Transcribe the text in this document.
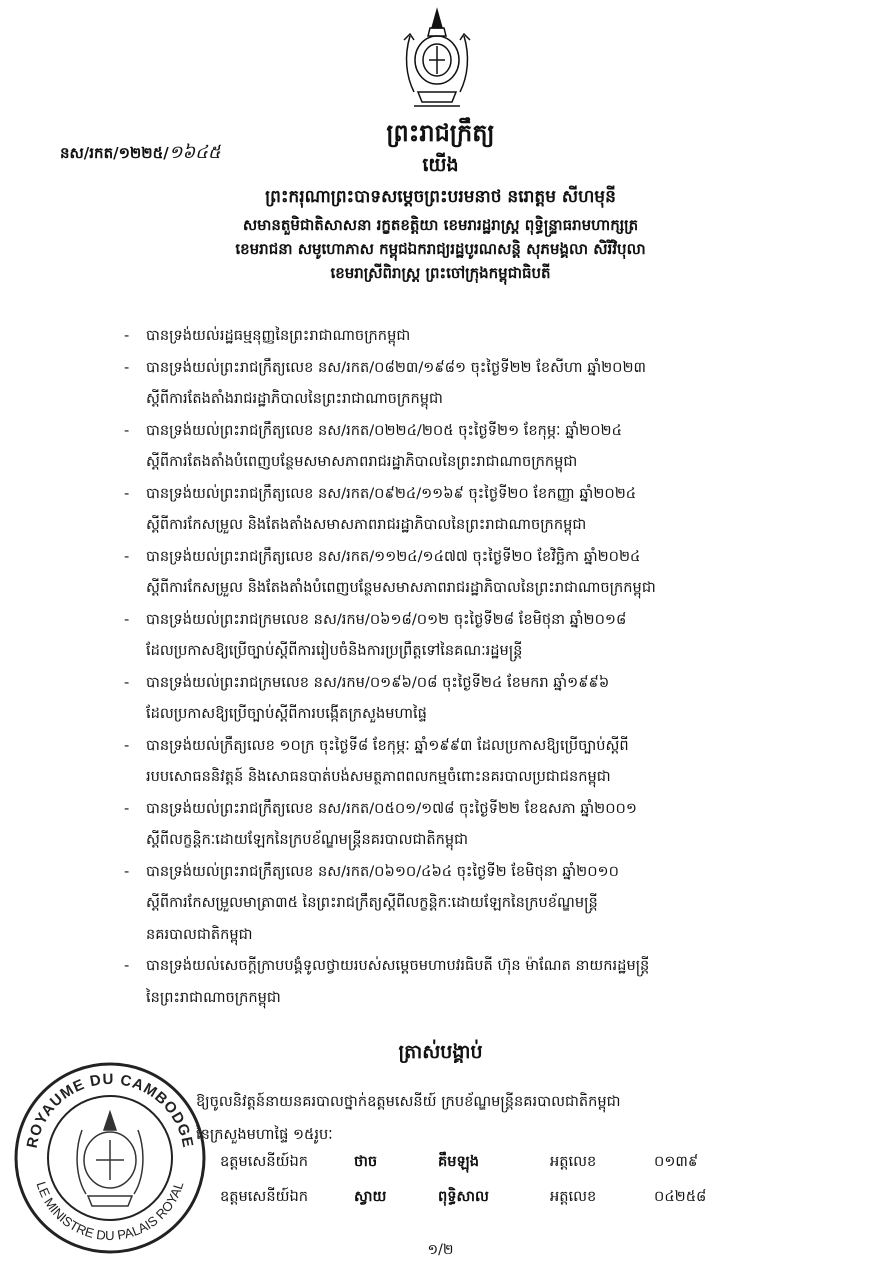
នស/រកត/១២២៥/១៦៤៥
ព្រះរាជក្រឹត្យ
យើង
ព្រះករុណាព្រះបាទសម្តេចព្រះបរមនាថ នរោត្តម សីហមុនី
សមានតួមិជាតិសាសនា រក្ខតខត្តិយា ខេមរារដ្ឋរាស្ត្រ ពុទ្ធិន្ទ្រាធរាមហាក្សត្រ
ខេមរាជនា សមូហោភាស កម្ពុជឯករាជ្យរដ្ឋបូរណសន្តិ សុភមង្គលា សិរីវិបុលា
ខេមរាស្រីពិរាស្ត្រ ព្រះចៅក្រុងកម្ពុជាធិបតី
- បានទ្រង់យល់រដ្ឋធម្មនុញ្ញនៃព្រះរាជាណាចក្រកម្ពុជា
- បានទ្រង់យល់ព្រះរាជក្រឹត្យលេខ នស/រកត/០៨២៣/១៩៨១ ចុះថ្ងៃទី២២ ខែសីហា ឆ្នាំ២០២៣
ស្តីពីការតែងតាំងរាជរដ្ឋាភិបាលនៃព្រះរាជាណាចក្រកម្ពុជា
- បានទ្រង់យល់ព្រះរាជក្រឹត្យលេខ នស/រកត/០២២៤/២០៥ ចុះថ្ងៃទី២១ ខែកុម្ភៈ ឆ្នាំ២០២៤
ស្តីពីការតែងតាំងបំពេញបន្ថែមសមាសភាពរាជរដ្ឋាភិបាលនៃព្រះរាជាណាចក្រកម្ពុជា
- បានទ្រង់យល់ព្រះរាជក្រឹត្យលេខ នស/រកត/០៩២៤/១១៦៩ ចុះថ្ងៃទី២០ ខែកញ្ញា ឆ្នាំ២០២៤
ស្តីពីការកែសម្រួល និងតែងតាំងសមាសភាពរាជរដ្ឋាភិបាលនៃព្រះរាជាណាចក្រកម្ពុជា
- បានទ្រង់យល់ព្រះរាជក្រឹត្យលេខ នស/រកត/១១២៤/១៤៧៧ ចុះថ្ងៃទី២០ ខែវិច្ឆិកា ឆ្នាំ២០២៤
ស្តីពីការកែសម្រួល និងតែងតាំងបំពេញបន្ថែមសមាសភាពរាជរដ្ឋាភិបាលនៃព្រះរាជាណាចក្រកម្ពុជា
- បានទ្រង់យល់ព្រះរាជក្រមលេខ នស/រកម/០៦១៨/០១២ ចុះថ្ងៃទី២៨ ខែមិថុនា ឆ្នាំ២០១៨
ដែលប្រកាសឱ្យប្រើច្បាប់ស្តីពីការរៀបចំនិងការប្រព្រឹត្តទៅនៃគណៈរដ្ឋមន្ត្រី
- បានទ្រង់យល់ព្រះរាជក្រមលេខ នស/រកម/០១៩៦/០៨ ចុះថ្ងៃទី២៤ ខែមករា ឆ្នាំ១៩៩៦
ដែលប្រកាសឱ្យប្រើច្បាប់ស្តីពីការបង្កើតក្រសួងមហាផ្ទៃ
- បានទ្រង់យល់ក្រឹត្យលេខ ១០ក្រ ចុះថ្ងៃទី៨ ខែកុម្ភៈ ឆ្នាំ១៩៩៣ ដែលប្រកាសឱ្យប្រើច្បាប់ស្តីពី
របបសោធននិវត្តន៍ និងសោធនបាត់បង់សមត្ថភាពពលកម្មចំពោះនគរបាលប្រជាជនកម្ពុជា
- បានទ្រង់យល់ព្រះរាជក្រឹត្យលេខ នស/រកត/០៥០១/១៧៨ ចុះថ្ងៃទី២២ ខែឧសភា ឆ្នាំ២០០១
ស្តីពីលក្ខន្តិកៈដោយឡែកនៃក្របខ័ណ្ឌមន្ត្រីនគរបាលជាតិកម្ពុជា
- បានទ្រង់យល់ព្រះរាជក្រឹត្យលេខ នស/រកត/០៦១០/៤៦៤ ចុះថ្ងៃទី២ ខែមិថុនា ឆ្នាំ២០១០
ស្តីពីការកែសម្រួលមាត្រា៣៥ នៃព្រះរាជក្រឹត្យស្តីពីលក្ខន្តិកៈដោយឡែកនៃក្របខ័ណ្ឌមន្ត្រី
នគរបាលជាតិកម្ពុជា
- បានទ្រង់យល់សេចក្តីក្រាបបង្គំទូលថ្វាយរបស់សម្តេចមហាបវរធិបតី ហ៊ុន ម៉ាណែត នាយករដ្ឋមន្ត្រី
នៃព្រះរាជាណាចក្រកម្ពុជា
ត្រាស់បង្គាប់
ឱ្យចូលនិវត្តន៍នាយនគរបាលថ្នាក់ឧត្តមសេនីយ៍ ក្របខ័ណ្ឌមន្ត្រីនគរបាលជាតិកម្ពុជា
នៃក្រសួងមហាផ្ទៃ ១៥រូបៈ
ឧត្តមសេនីយ៍ឯក	ថាច	គឹមឡុង	អត្តលេខ	០១៣៩
ឧត្តមសេនីយ៍ឯក	ស្វាយ	ពុទ្ធិសាល	អត្តលេខ	០៤២៥៨
ROYAUME DU CAMBODGE
LE MINISTRE DU PALAIS ROYAL
១/២
